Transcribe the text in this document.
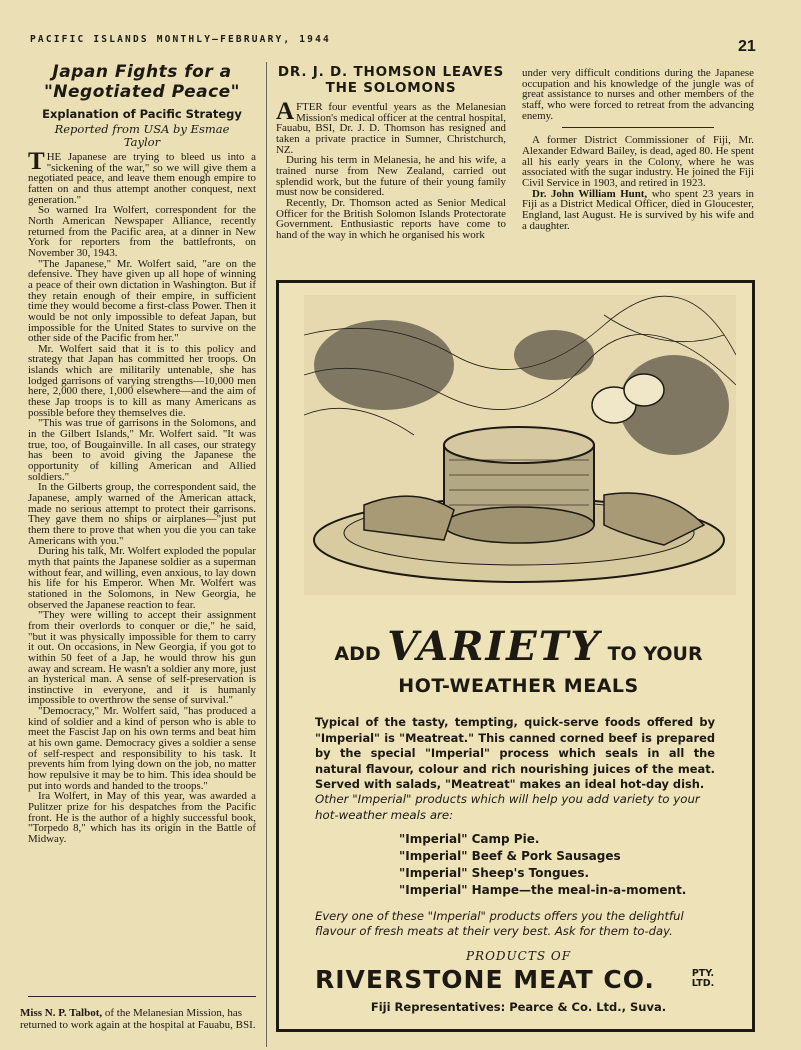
PACIFIC ISLANDS MONTHLY—FEBRUARY, 1944	21
Japan Fights for a
"Negotiated Peace"
Explanation of Pacific Strategy
Reported from USA by Esmae
Taylor

THE Japanese are trying to bleed us into a "sickening of the war," so we will give them a negotiated peace, and leave them enough empire to fatten on and thus attempt another conquest, next generation."

So warned Ira Wolfert, correspondent for the North American Newspaper Alliance, recently returned from the Pacific area, at a dinner in New York for reporters from the battlefronts, on November 30, 1943.

"The Japanese," Mr. Wolfert said, "are on the defensive. They have given up all hope of winning a peace of their own dictation in Washington. But if they retain enough of their empire, in sufficient time they would become a first-class Power. Then it would be not only impossible to defeat Japan, but impossible for the United States to survive on the other side of the Pacific from her."

Mr. Wolfert said that it is to this policy and strategy that Japan has committed her troops. On islands which are militarily untenable, she has lodged garrisons of varying strengths—10,000 men here, 2,000 there, 1,000 elsewhere—and the aim of these Jap troops is to kill as many Americans as possible before they themselves die.

"This was true of garrisons in the Solomons, and in the Gilbert Islands," Mr. Wolfert said. "It was true, too, of Bougainville. In all cases, our strategy has been to avoid giving the Japanese the opportunity of killing American and Allied soldiers."

In the Gilberts group, the correspondent said, the Japanese, amply warned of the American attack, made no serious attempt to protect their garrisons. They gave them no ships or airplanes—"just put them there to prove that when you die you can take Americans with you."

During his talk, Mr. Wolfert exploded the popular myth that paints the Japanese soldier as a superman without fear, and willing, even anxious, to lay down his life for his Emperor. When Mr. Wolfert was stationed in the Solomons, in New Georgia, he observed the Japanese reaction to fear.

"They were willing to accept their assignment from their overlords to conquer or die," he said, "but it was physically impossible for them to carry it out. On occasions, in New Georgia, if you got to within 50 feet of a Jap, he would throw his gun away and scream. He wasn't a soldier any more, just an hysterical man. A sense of self-preservation is instinctive in everyone, and it is humanly impossible to overthrow the sense of survival."

"Democracy," Mr. Wolfert said, "has produced a kind of soldier and a kind of person who is able to meet the Fascist Jap on his own terms and beat him at his own game. Democracy gives a soldier a sense of self-respect and responsibility to his task. It prevents him from lying down on the job, no matter how repulsive it may be to him. This idea should be put into words and handed to the troops."

Ira Wolfert, in May of this year, was awarded a Pulitzer prize for his despatches from the Pacific front. He is the author of a highly successful book, "Torpedo 8," which has its origin in the Battle of Midway.

Miss N. P. Talbot, of the Melanesian Mission, has returned to work again at the hospital at Fauabu, BSI.
DR. J. D. THOMSON LEAVES
THE SOLOMONS

AFTER four eventful years as the Melanesian Mission's medical officer at the central hospital, Fauabu, BSI, Dr. J. D. Thomson has resigned and taken a private practice in Sumner, Christchurch, NZ.

During his term in Melanesia, he and his wife, a trained nurse from New Zealand, carried out splendid work, but the future of their young family must now be considered.

Recently, Dr. Thomson acted as Senior Medical Officer for the British Solomon Islands Protectorate Government. Enthusiastic reports have come to hand of the way in which he organised his work

under very difficult conditions during the Japanese occupation and his knowledge of the jungle was of great assistance to nurses and other members of the staff, who were forced to retreat from the advancing enemy.

A former District Commissioner of Fiji, Mr. Alexander Edward Bailey, is dead, aged 80. He spent all his early years in the Colony, where he was associated with the sugar industry. He joined the Fiji Civil Service in 1903, and retired in 1923.

Dr. John William Hunt, who spent 23 years in Fiji as a District Medical Officer, died in Gloucester, England, last August. He is survived by his wife and a daughter.

ADD VARIETY TO YOUR
HOT-WEATHER MEALS
Typical of the tasty, tempting, quick-serve foods offered by "Imperial" is "Meatreat." This canned corned beef is prepared by the special "Imperial" process which seals in all the natural flavour, colour and rich nourishing juices of the meat. Served with salads, "Meatreat" makes an ideal hot-day dish.
Other "Imperial" products which will help you add variety to your hot-weather meals are:
"Imperial" Camp Pie.
"Imperial" Beef & Pork Sausages
"Imperial" Sheep's Tongues.
"Imperial" Hampe—the meal-in-a-moment.
Every one of these "Imperial" products offers you the delightful flavour of fresh meats at their very best. Ask for them to-day.
PRODUCTS OF
RIVERSTONE MEAT CO.	PTY.
LTD.
Fiji Representatives: Pearce & Co. Ltd., Suva.
